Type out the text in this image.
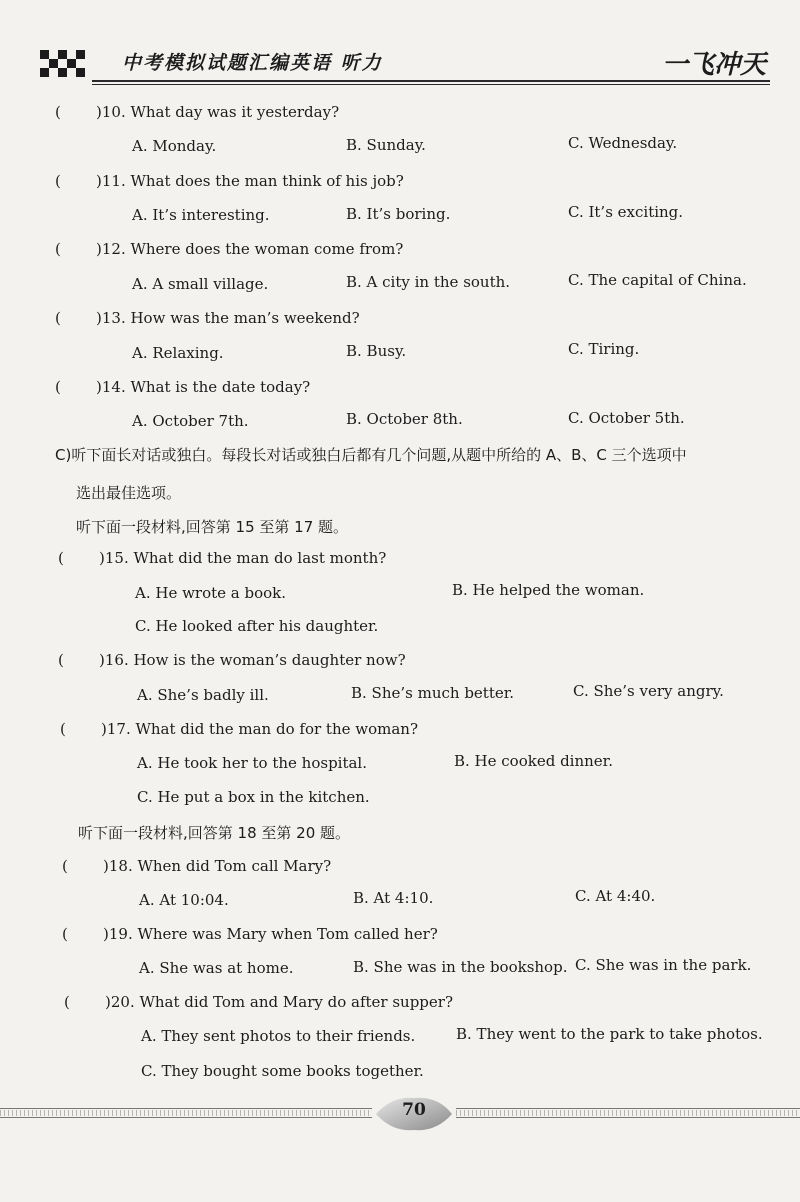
中考模拟试题汇编英语 听力	一飞冲天
( )10. What day was it yesterday?
A. Monday.	B. Sunday.	C. Wednesday.
( )11. What does the man think of his job?
A. It’s interesting.	B. It’s boring.	C. It’s exciting.
( )12. Where does the woman come from?
A. A small village.	B. A city in the south.	C. The capital of China.
( )13. How was the man’s weekend?
A. Relaxing.	B. Busy.	C. Tiring.
( )14. What is the date today?
A. October 7th.	B. October 8th.	C. October 5th.
C)听下面长对话或独白。每段长对话或独白后都有几个问题,从题中所给的 A、B、C 三个选项中
选出最佳选项。
听下面一段材料,回答第 15 至第 17 题。
( )15. What did the man do last month?
A. He wrote a book.	B. He helped the woman.
C. He looked after his daughter.
( )16. How is the woman’s daughter now?
A. She’s badly ill.	B. She’s much better.	C. She’s very angry.
( )17. What did the man do for the woman?
A. He took her to the hospital.	B. He cooked dinner.
C. He put a box in the kitchen.
听下面一段材料,回答第 18 至第 20 题。
( )18. When did Tom call Mary?
A. At 10:04.	B. At 4:10.	C. At 4:40.
( )19. Where was Mary when Tom called her?
A. She was at home.	B. She was in the bookshop. C. She was in the park.
( )20. What did Tom and Mary do after supper?
A. They sent photos to their friends.	B. They went to the park to take photos.
C. They bought some books together.
70
